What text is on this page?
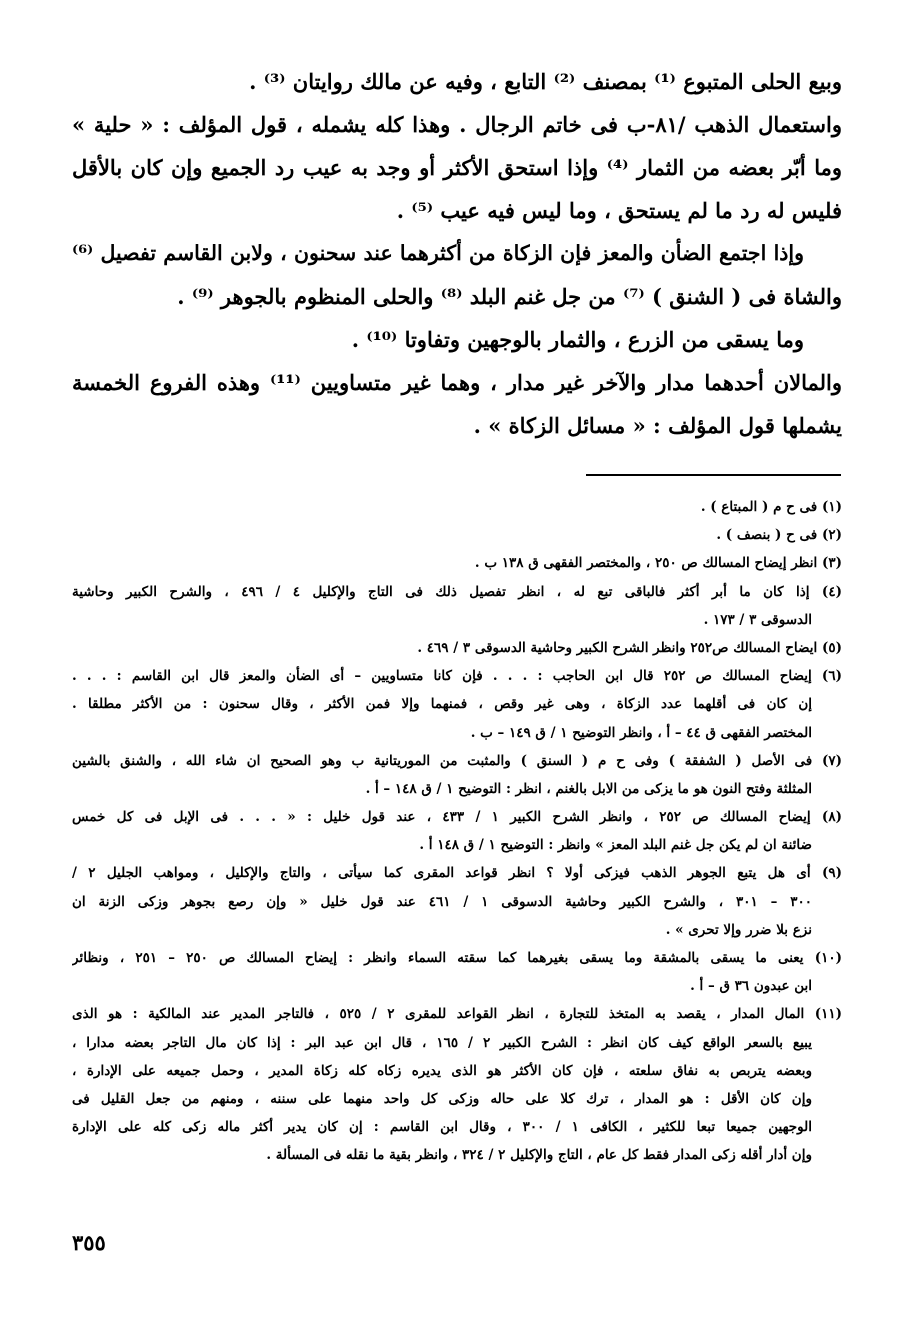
وبيع الحلى المتبوع ⁽¹⁾ بمصنف ⁽²⁾ التابع ، وفيه عن مالك روايتان ⁽³⁾ .
واستعمال الذهب /٨١-ب فى خاتم الرجال . وهذا كله يشمله ، قول المؤلف : « حلية »
وما أبّر بعضه من الثمار ⁽⁴⁾ وإذا استحق الأكثر أو وجد به عيب رد الجميع وإن كان بالأقل
فليس له رد ما لم يستحق ، وما ليس فيه عيب ⁽⁵⁾ .
وإذا اجتمع الضأن والمعز فإن الزكاة من أكثرهما عند سحنون ، ولابن القاسم تفصيل ⁽⁶⁾
والشاة فى ( الشنق ) ⁽⁷⁾ من جل غنم البلد ⁽⁸⁾ والحلى المنظوم بالجوهر ⁽⁹⁾ .
وما يسقى من الزرع ، والثمار بالوجهين وتفاوتا ⁽¹⁰⁾ .
والمالان أحدهما مدار والآخر غير مدار ، وهما غير متساويين ⁽¹¹⁾ وهذه الفروع الخمسة
يشملها قول المؤلف : « مسائل الزكاة » .
(١) فى ح م ( المبتاع ) .
(٢) فى ح ( بنصف ) .
(٣) انظر إيضاح المسالك ص ٢٥٠ ، والمختصر الفقهى ق ١٣٨ ب .
(٤) إذا كان ما أبر أكثر فالباقى تبع له ، انظر تفصيل ذلك فى التاج والإكليل ٤ / ٤٩٦ ، والشرح الكبير وحاشية
الدسوقى ٣ / ١٧٣ .
(٥) ايضاح المسالك ص٢٥٢ وانظر الشرح الكبير وحاشية الدسوقى ٣ / ٤٦٩ .
(٦) إيضاح المسالك ص ٢٥٢ قال ابن الحاجب : . . . فإن كانا متساويين – أى الضأن والمعز قال ابن القاسم : . . .
إن كان فى أقلهما عدد الزكاة ، وهى غير وقص ، فمنهما وإلا فمن الأكثر ، وقال سحنون : من الأكثر مطلقا .
المختصر الفقهى ق ٤٤ – أ ، وانظر التوضيح ١ / ق ١٤٩ – ب .
(٧) فى الأصل ( الشفقة ) وفى ح م ( السنق ) والمثبت من الموريتانية ب وهو الصحيح ان شاء الله ، والشنق بالشين
المثلثة وفتح النون هو ما يزكى من الابل بالغنم ، انظر : التوضيح ١ / ق ١٤٨ – أ .
(٨) إيضاح المسالك ص ٢٥٢ ، وانظر الشرح الكبير ١ / ٤٣٣ ، عند قول خليل : « . . . فى الإبل فى كل خمس
ضائنة ان لم يكن جل غنم البلد المعز » وانظر : التوضيح ١ / ق ١٤٨ أ .
(٩) أى هل يتبع الجوهر الذهب فيزكى أولا ؟ انظر قواعد المقرى كما سيأتى ، والتاج والإكليل ، ومواهب الجليل ٢ /
٣٠٠ – ٣٠١ ، والشرح الكبير وحاشية الدسوقى ١ / ٤٦١ عند قول خليل « وإن رصع بجوهر وزكى الزنة ان
نزع بلا ضرر وإلا تحرى » .
(١٠) يعنى ما يسقى بالمشقة وما يسقى بغيرهما كما سقته السماء وانظر : إيضاح المسالك ص ٢٥٠ – ٢٥١ ، ونظائر
ابن عبدون ٣٦ ق – أ .
(١١) المال المدار ، يقصد به المتخذ للتجارة ، انظر القواعد للمقرى ٢ / ٥٢٥ ، فالتاجر المدير عند المالكية : هو الذى
يبيع بالسعر الواقع كيف كان انظر : الشرح الكبير ٢ / ١٦٥ ، قال ابن عبد البر : إذا كان مال التاجر بعضه مدارا ،
وبعضه يتربص به نفاق سلعته ، فإن كان الأكثر هو الذى يديره زكاه كله زكاة المدير ، وحمل جميعه على الإدارة ،
وإن كان الأقل : هو المدار ، ترك كلا على حاله وزكى كل واحد منهما على سننه ، ومنهم من جعل القليل فى
الوجهين جميعا تبعا للكثير ، الكافى ١ / ٣٠٠ ، وقال ابن القاسم : إن كان يدير أكثر ماله زكى كله على الإدارة
وإن أدار أقله زكى المدار فقط كل عام ، التاج والإكليل ٢ / ٣٢٤ ، وانظر بقية ما نقله فى المسألة .
٣٥٥
